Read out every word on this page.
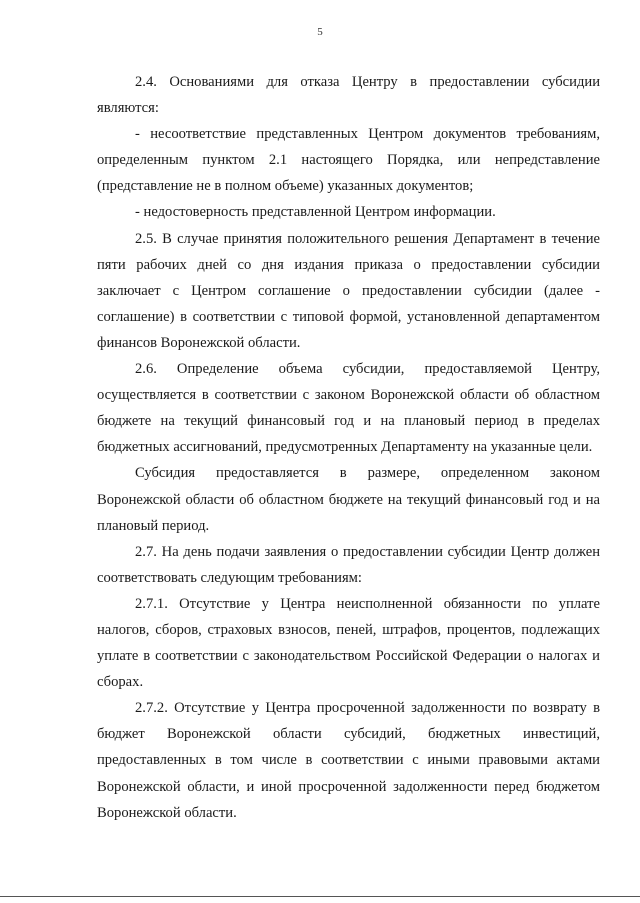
5

2.4. Основаниями для отказа Центру в предоставлении субсидии являются:

- несоответствие представленных Центром документов требованиям, определенным пунктом 2.1 настоящего Порядка, или непредставление (представление не в полном объеме) указанных документов;

- недостоверность представленной Центром информации.

2.5. В случае принятия положительного решения Департамент в течение пяти рабочих дней со дня издания приказа о предоставлении субсидии заключает с Центром соглашение о предоставлении субсидии (далее - соглашение) в соответствии с типовой формой, установленной департаментом финансов Воронежской области.

2.6. Определение объема субсидии, предоставляемой Центру, осуществляется в соответствии с законом Воронежской области об областном бюджете на текущий финансовый год и на плановый период в пределах бюджетных ассигнований, предусмотренных Департаменту на указанные цели.

Субсидия предоставляется в размере, определенном законом Воронежской области об областном бюджете на текущий финансовый год и на плановый период.

2.7. На день подачи заявления о предоставлении субсидии Центр должен соответствовать следующим требованиям:

2.7.1. Отсутствие у Центра неисполненной обязанности по уплате налогов, сборов, страховых взносов, пеней, штрафов, процентов, подлежащих уплате в соответствии с законодательством Российской Федерации о налогах и сборах.

2.7.2. Отсутствие у Центра просроченной задолженности по возврату в бюджет Воронежской области субсидий, бюджетных инвестиций, предоставленных в том числе в соответствии с иными правовыми актами Воронежской области, и иной просроченной задолженности перед бюджетом Воронежской области.
